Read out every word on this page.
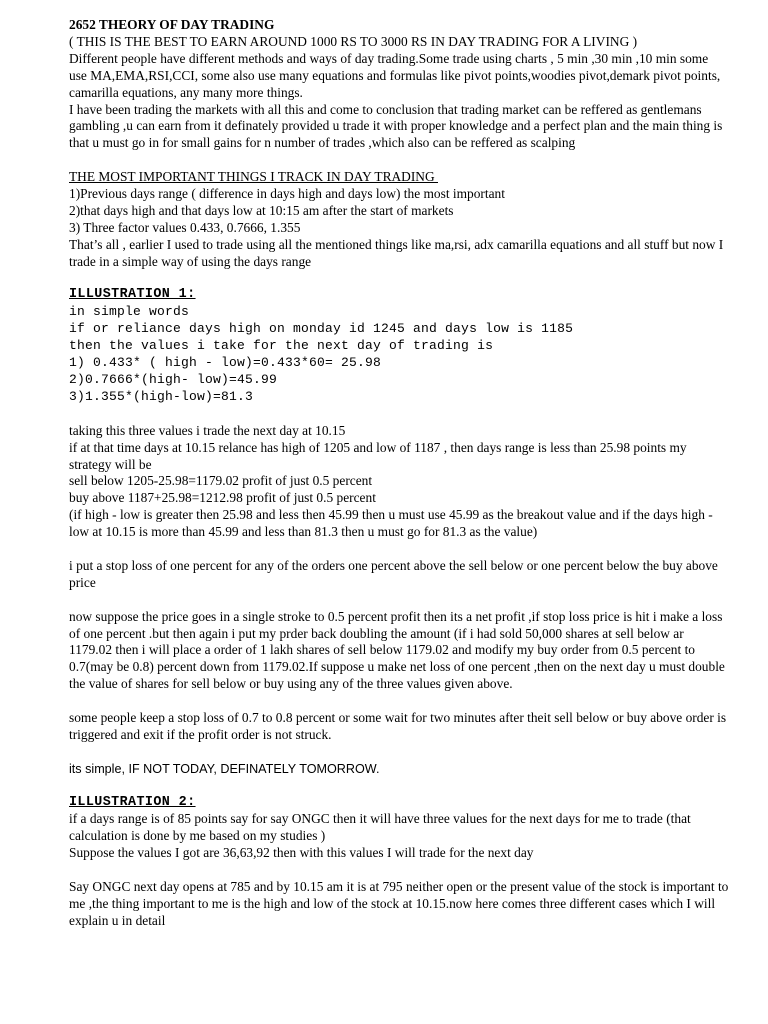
2652 THEORY OF DAY TRADING

( THIS IS THE BEST TO EARN AROUND 1000 RS TO 3000 RS IN DAY TRADING FOR A LIVING )

Different people have different methods and ways of day trading.Some trade using charts , 5 min ,30 min ,10 min some use MA,EMA,RSI,CCI, some also use many equations and formulas like pivot points,woodies pivot,demark pivot points, camarilla equations, any many more things.

I have been trading the markets with all this and come to conclusion that trading market can be reffered as gentlemans gambling ,u can earn from it definately provided u trade it with proper knowledge and a perfect plan and the main thing is that u must go in for small gains for n number of trades ,which also can be reffered as scalping

THE MOST IMPORTANT THINGS I TRACK IN DAY TRADING

1)Previous days range ( difference in days high and days low) the most important

2)that days high and that days low at 10:15 am after the start of markets

3) Three factor values 0.433, 0.7666, 1.355

That’s all , earlier I used to trade using all the mentioned things like ma,rsi, adx camarilla equations and all stuff but now I trade in a simple way of using the days range

ILLUSTRATION 1:

in simple words

if or reliance days high on monday id 1245 and days low is 1185

then the values i take for the next day of trading is

1) 0.433* ( high - low)=0.433*60= 25.98

2)0.7666*(high- low)=45.99

3)1.355*(high-low)=81.3

taking this three values i trade the next day at 10.15
if at that time days at 10.15 relance has high of 1205 and low of 1187 , then days range is less than 25.98 points my strategy will be
sell below 1205-25.98=1179.02 profit of just 0.5 percent
buy above 1187+25.98=1212.98 profit of just 0.5 percent
(if high - low is greater then 25.98 and less then 45.99 then u must use 45.99 as the breakout value and if the days high - low at 10.15 is more than 45.99 and less than 81.3 then u must go for 81.3 as the value)

i put a stop loss of one percent for any of the orders one percent above the sell below or one percent below the buy above price

now suppose the price goes in a single stroke to 0.5 percent profit then its a net profit ,if stop loss price is hit i make a loss of one percent .but then again i put my prder back doubling the amount (if i had sold 50,000 shares at sell below ar 1179.02 then i will place a order of 1 lakh shares of sell below 1179.02 and modify my buy order from 0.5 percent to 0.7(may be 0.8) percent down from 1179.02.If suppose u make net loss of one percent ,then on the next day u must double the value of shares for sell below or buy using any of the three values given above.

some people keep a stop loss of 0.7 to 0.8 percent or some wait for two minutes after theit sell below or buy above order is triggered and exit if the profit order is not struck.

its simple, IF NOT TODAY, DEFINATELY TOMORROW.

ILLUSTRATION 2:

if a days range is of 85 points say for say ONGC then it will have three values for the next days for me to trade (that calculation is done by me based on my studies )
Suppose the values I got are 36,63,92 then with this values I will trade for the next day

Say ONGC next day opens at 785 and by 10.15 am it is at 795 neither open or the present value of the stock is important to me ,the thing important to me is the high and low of the stock at 10.15.now here comes three different cases which I will explain u in detail
